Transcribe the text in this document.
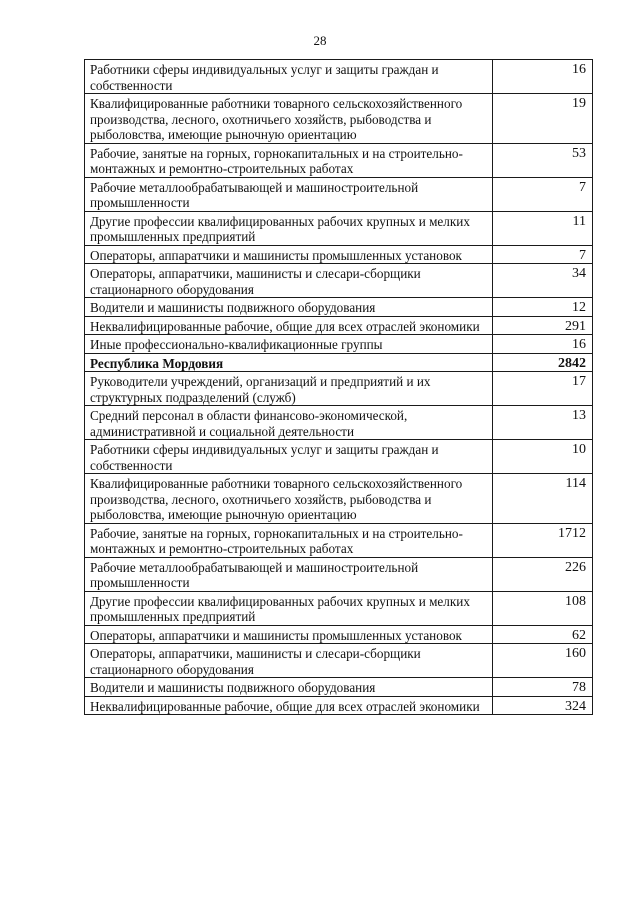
28
Работники сферы индивидуальных услуг и защиты граждан и собственности	16
Квалифицированные работники товарного сельскохозяйственного производства, лесного, охотничьего хозяйств, рыбоводства и рыболовства, имеющие рыночную ориентацию	19
Рабочие, занятые на горных, горнокапитальных и на строительно-монтажных и ремонтно-строительных работах	53
Рабочие металлообрабатывающей и машиностроительной промышленности	7
Другие профессии квалифицированных рабочих крупных и мелких промышленных предприятий	11
Операторы, аппаратчики и машинисты промышленных установок	7
Операторы, аппаратчики, машинисты и слесари-сборщики стационарного оборудования	34
Водители и машинисты подвижного оборудования	12
Неквалифицированные рабочие, общие для всех отраслей экономики	291
Иные профессионально-квалификационные группы	16
Республика Мордовия	2842
Руководители учреждений, организаций и предприятий и их структурных подразделений (служб)	17
Средний персонал в области финансово-экономической, административной и социальной деятельности	13
Работники сферы индивидуальных услуг и защиты граждан и собственности	10
Квалифицированные работники товарного сельскохозяйственного производства, лесного, охотничьего хозяйств, рыбоводства и рыболовства, имеющие рыночную ориентацию	114
Рабочие, занятые на горных, горнокапитальных и на строительно-монтажных и ремонтно-строительных работах	1712
Рабочие металлообрабатывающей и машиностроительной промышленности	226
Другие профессии квалифицированных рабочих крупных и мелких промышленных предприятий	108
Операторы, аппаратчики и машинисты промышленных установок	62
Операторы, аппаратчики, машинисты и слесари-сборщики стационарного оборудования	160
Водители и машинисты подвижного оборудования	78
Неквалифицированные рабочие, общие для всех отраслей экономики	324
